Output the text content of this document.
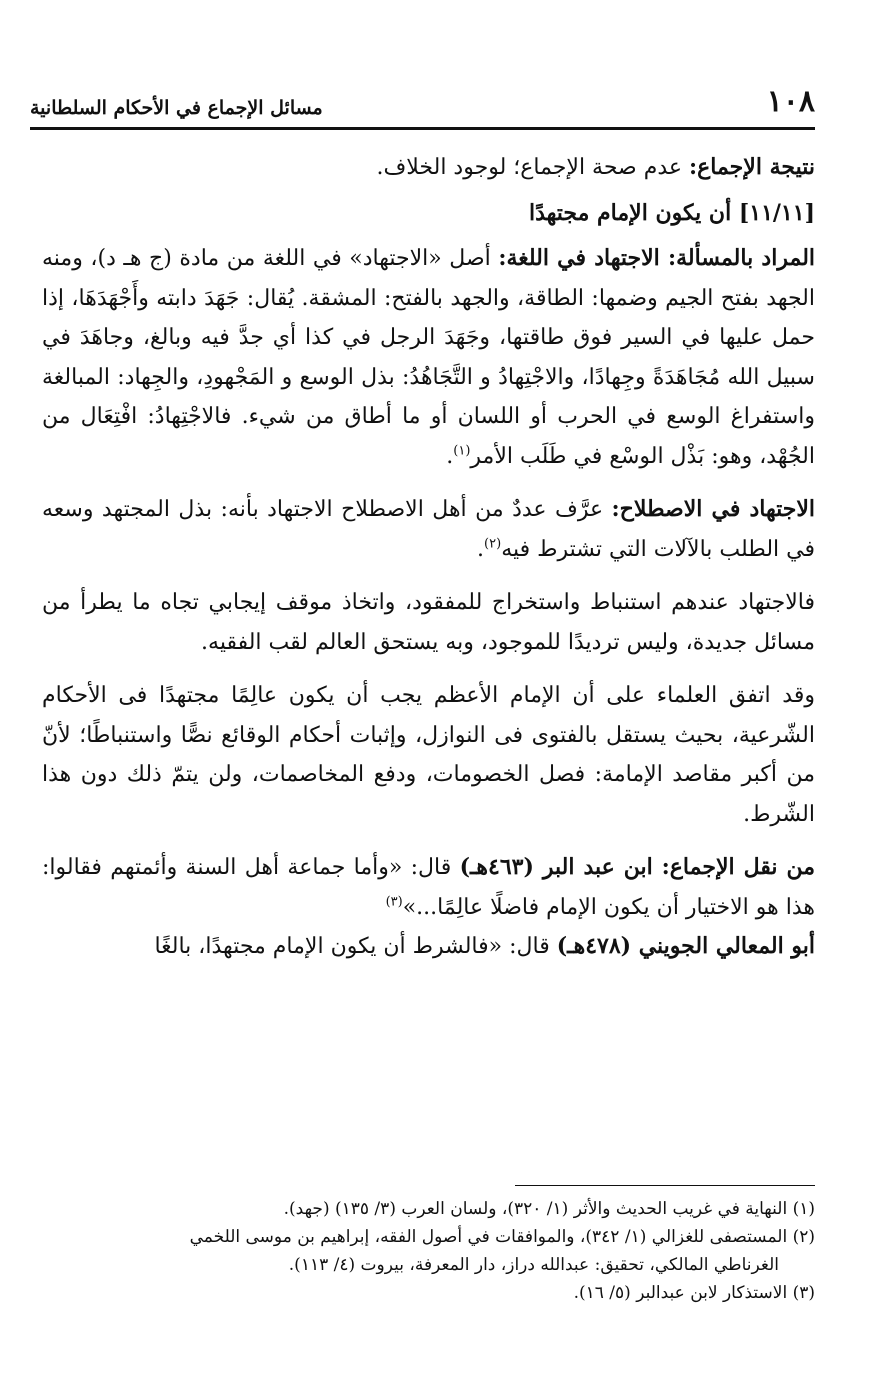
١٠٨
مسائل الإجماع في الأحكام السلطانية

نتيجة الإجماع: عدم صحة الإجماع؛ لوجود الخلاف.

[١١/١١] أن يكون الإمام مجتهدًا

المراد بالمسألة: الاجتهاد في اللغة: أصل «الاجتهاد» في اللغة من مادة (ج هـ د)، ومنه الجهد بفتح الجيم وضمها: الطاقة، والجهد بالفتح: المشقة. يُقال: جَهَدَ دابته وأَجْهَدَهَا، إذا حمل عليها في السير فوق طاقتها، وجَهَدَ الرجل في كذا أي جدَّ فيه وبالغ، وجاهَدَ في سبيل الله مُجَاهَدَةً وجِهادًا، والاجْتِهادُ و التَّجَاهُدُ: بذل الوسع و المَجْهودِ، والجِهاد: المبالغة واستفراغ الوسع في الحرب أو اللسان أو ما أطاق من شيء. فالاجْتِهادُ: افْتِعَال من الجُهْد، وهو: بَذْل الوسْع في طَلَب الأمر$^{(١)}$.

الاجتهاد في الاصطلاح: عرَّف عددٌ من أهل الاصطلاح الاجتهاد بأنه: بذل المجتهد وسعه في الطلب بالآلات التي تشترط فيه$^{(٢)}$.

فالاجتهاد عندهم استنباط واستخراج للمفقود، واتخاذ موقف إيجابي تجاه ما يطرأ من مسائل جديدة، وليس ترديدًا للموجود، وبه يستحق العالم لقب الفقيه.

وقد اتفق العلماء على أن الإمام الأعظم يجب أن يكون عالِمًا مجتهدًا فى الأحكام الشّرعية، بحيث يستقل بالفتوى فى النوازل، وإثبات أحكام الوقائع نصًّا واستنباطًا؛ لأنّ من أكبر مقاصد الإمامة: فصل الخصومات، ودفع المخاصمات، ولن يتمّ ذلك دون هذا الشّرط.

من نقل الإجماع: ابن عبد البر (٤٦٣هـ) قال: «وأما جماعة أهل السنة وأئمتهم فقالوا: هذا هو الاختيار أن يكون الإمام فاضلًا عالِمًا...»$^{(٣)}$

أبو المعالي الجويني (٤٧٨هـ) قال: «فالشرط أن يكون الإمام مجتهدًا، بالغًا

(١) النهاية في غريب الحديث والأثر (١/ ٣٢٠)، ولسان العرب (٣/ ١٣٥) (جهد).

(٢) المستصفى للغزالي (١/ ٣٤٢)، والموافقات في أصول الفقه، إبراهيم بن موسى اللخمي

الغرناطي المالكي، تحقيق: عبدالله دراز، دار المعرفة، بيروت (٤/ ١١٣).

(٣) الاستذكار لابن عبدالبر (٥/ ١٦).
